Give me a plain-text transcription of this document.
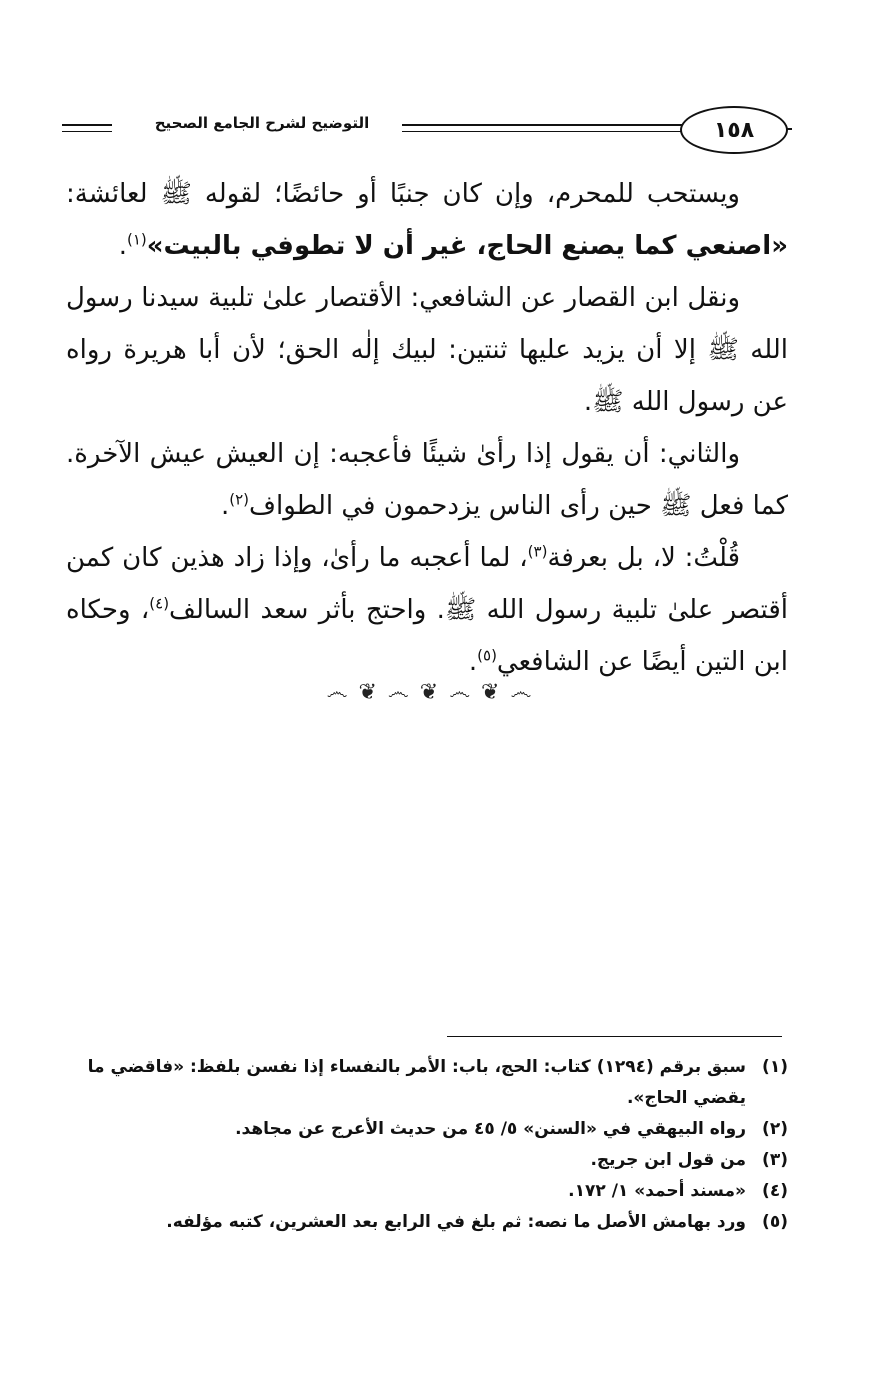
التوضيح لشرح الجامع الصحيح	١٥٨

ويستحب للمحرم، وإن كان جنبًا أو حائضًا؛ لقوله ﷺ لعائشة: «اصنعي كما يصنع الحاج، غير أن لا تطوفي بالبيت»$^{(١)}$.

ونقل ابن القصار عن الشافعي: الأقتصار علىٰ تلبية سيدنا رسول الله ﷺ إلا أن يزيد عليها ثنتين: لبيك إلٰه الحق؛ لأن أبا هريرة رواه عن رسول الله ﷺ.

والثاني: أن يقول إذا رأىٰ شيئًا فأعجبه: إن العيش عيش الآخرة. كما فعل ﷺ حين رأى الناس يزدحمون في الطواف$^{(٢)}$.

قُلْتُ: لا، بل بعرفة$^{(٣)}$، لما أعجبه ما رأىٰ، وإذا زاد هذين كان كمن أقتصر علىٰ تلبية رسول الله ﷺ. واحتج بأثر سعد السالف$^{(٤)}$، وحكاه ابن التين أيضًا عن الشافعي$^{(٥)}$.

෴ ❦ ෴ ❦ ෴ ❦ ෴
(١)
سبق برقم (١٢٩٤) كتاب: الحج، باب: الأمر بالنفساء إذا نفسن بلفظ: «فاقضي ما يقضي الحاج».
(٢)
رواه البيهقي في «السنن» ٥/ ٤٥ من حديث الأعرج عن مجاهد.
(٣)
من قول ابن جريج.
(٤)
«مسند أحمد» ١/ ١٧٢.
(٥)
ورد بهامش الأصل ما نصه: ثم بلغ في الرابع بعد العشرين، كتبه مؤلفه.
